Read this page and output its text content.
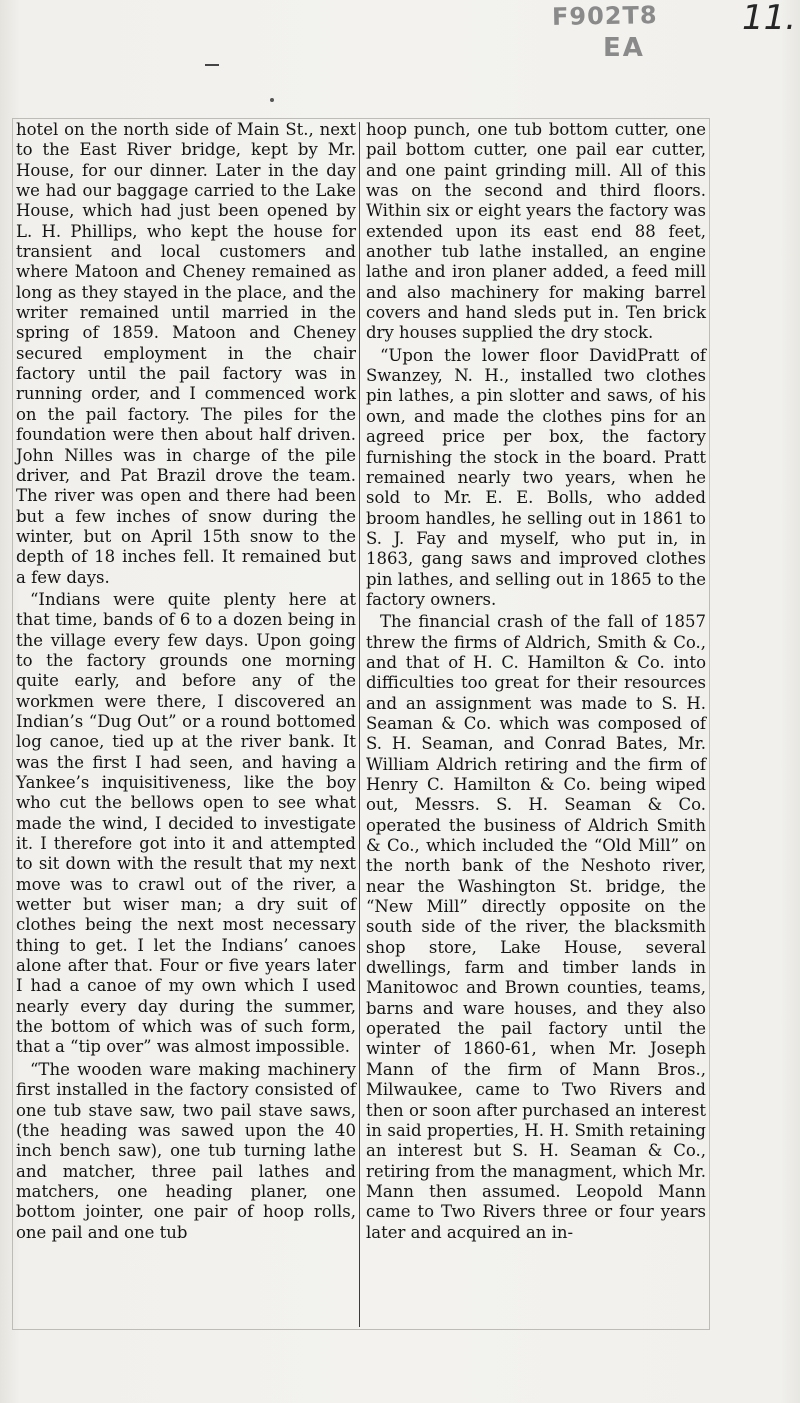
F902T8
EA
11.

hotel on the north side of Main St., next to the East River bridge, kept by Mr. House, for our dinner. Later in the day we had our baggage carried to the Lake House, which had just been opened by L. H. Phillips, who kept the house for transient and local customers and where Matoon and Cheney remained as long as they stayed in the place, and the writer remained until married in the spring of 1859. Matoon and Cheney secured employment in the chair factory until the pail factory was in running order, and I commenced work on the pail factory. The piles for the foundation were then about half driven. John Nilles was in charge of the pile driver, and Pat Brazil drove the team. The river was open and there had been but a few inches of snow during the winter, but on April 15th snow to the depth of 18 inches fell. It remained but a few days.

“Indians were quite plenty here at that time, bands of 6 to a dozen being in the village every few days. Upon going to the factory grounds one morning quite early, and before any of the workmen were there, I discovered an Indian’s “Dug Out” or a round bottomed log canoe, tied up at the river bank. It was the first I had seen, and having a Yankee’s inquisitiveness, like the boy who cut the bellows open to see what made the wind, I decided to investigate it. I therefore got into it and attempted to sit down with the result that my next move was to crawl out of the river, a wetter but wiser man; a dry suit of clothes being the next most necessary thing to get. I let the Indians’ canoes alone after that. Four or five years later I had a canoe of my own which I used nearly every day during the summer, the bottom of which was of such form, that a “tip over” was almost impossible.

“The wooden ware making machinery first installed in the factory consisted of one tub stave saw, two pail stave saws, (the heading was sawed upon the 40 inch bench saw), one tub turning lathe and matcher, three pail lathes and matchers, one heading planer, one bottom jointer, one pair of hoop rolls, one pail and one tub

hoop punch, one tub bottom cutter, one pail bottom cutter, one pail ear cutter, and one paint grinding mill. All of this was on the second and third floors. Within six or eight years the factory was extended upon its east end 88 feet, another tub lathe installed, an engine lathe and iron planer added, a feed mill and also machinery for making barrel covers and hand sleds put in. Ten brick dry houses supplied the dry stock.

“Upon the lower floor DavidPratt of Swanzey, N. H., installed two clothes pin lathes, a pin slotter and saws, of his own, and made the clothes pins for an agreed price per box, the factory furnishing the stock in the board. Pratt remained nearly two years, when he sold to Mr. E. E. Bolls, who added broom handles, he selling out in 1861 to S. J. Fay and myself, who put in, in 1863, gang saws and improved clothes pin lathes, and selling out in 1865 to the factory owners.

The financial crash of the fall of 1857 threw the firms of Aldrich, Smith & Co., and that of H. C. Hamilton & Co. into difficulties too great for their resources and an assignment was made to S. H. Seaman & Co. which was composed of S. H. Seaman, and Conrad Bates, Mr. William Aldrich retiring and the firm of Henry C. Hamilton & Co. being wiped out, Messrs. S. H. Seaman & Co. operated the business of Aldrich Smith & Co., which included the “Old Mill” on the north bank of the Neshoto river, near the Washington St. bridge, the “New Mill” directly opposite on the south side of the river, the blacksmith shop store, Lake House, several dwellings, farm and timber lands in Manitowoc and Brown counties, teams, barns and ware houses, and they also operated the pail factory until the winter of 1860-61, when Mr. Joseph Mann of the firm of Mann Bros., Milwaukee, came to Two Rivers and then or soon after purchased an interest in said properties, H. H. Smith retaining an interest but S. H. Seaman & Co., retiring from the managment, which Mr. Mann then assumed. Leopold Mann came to Two Rivers three or four years later and acquired an in-
